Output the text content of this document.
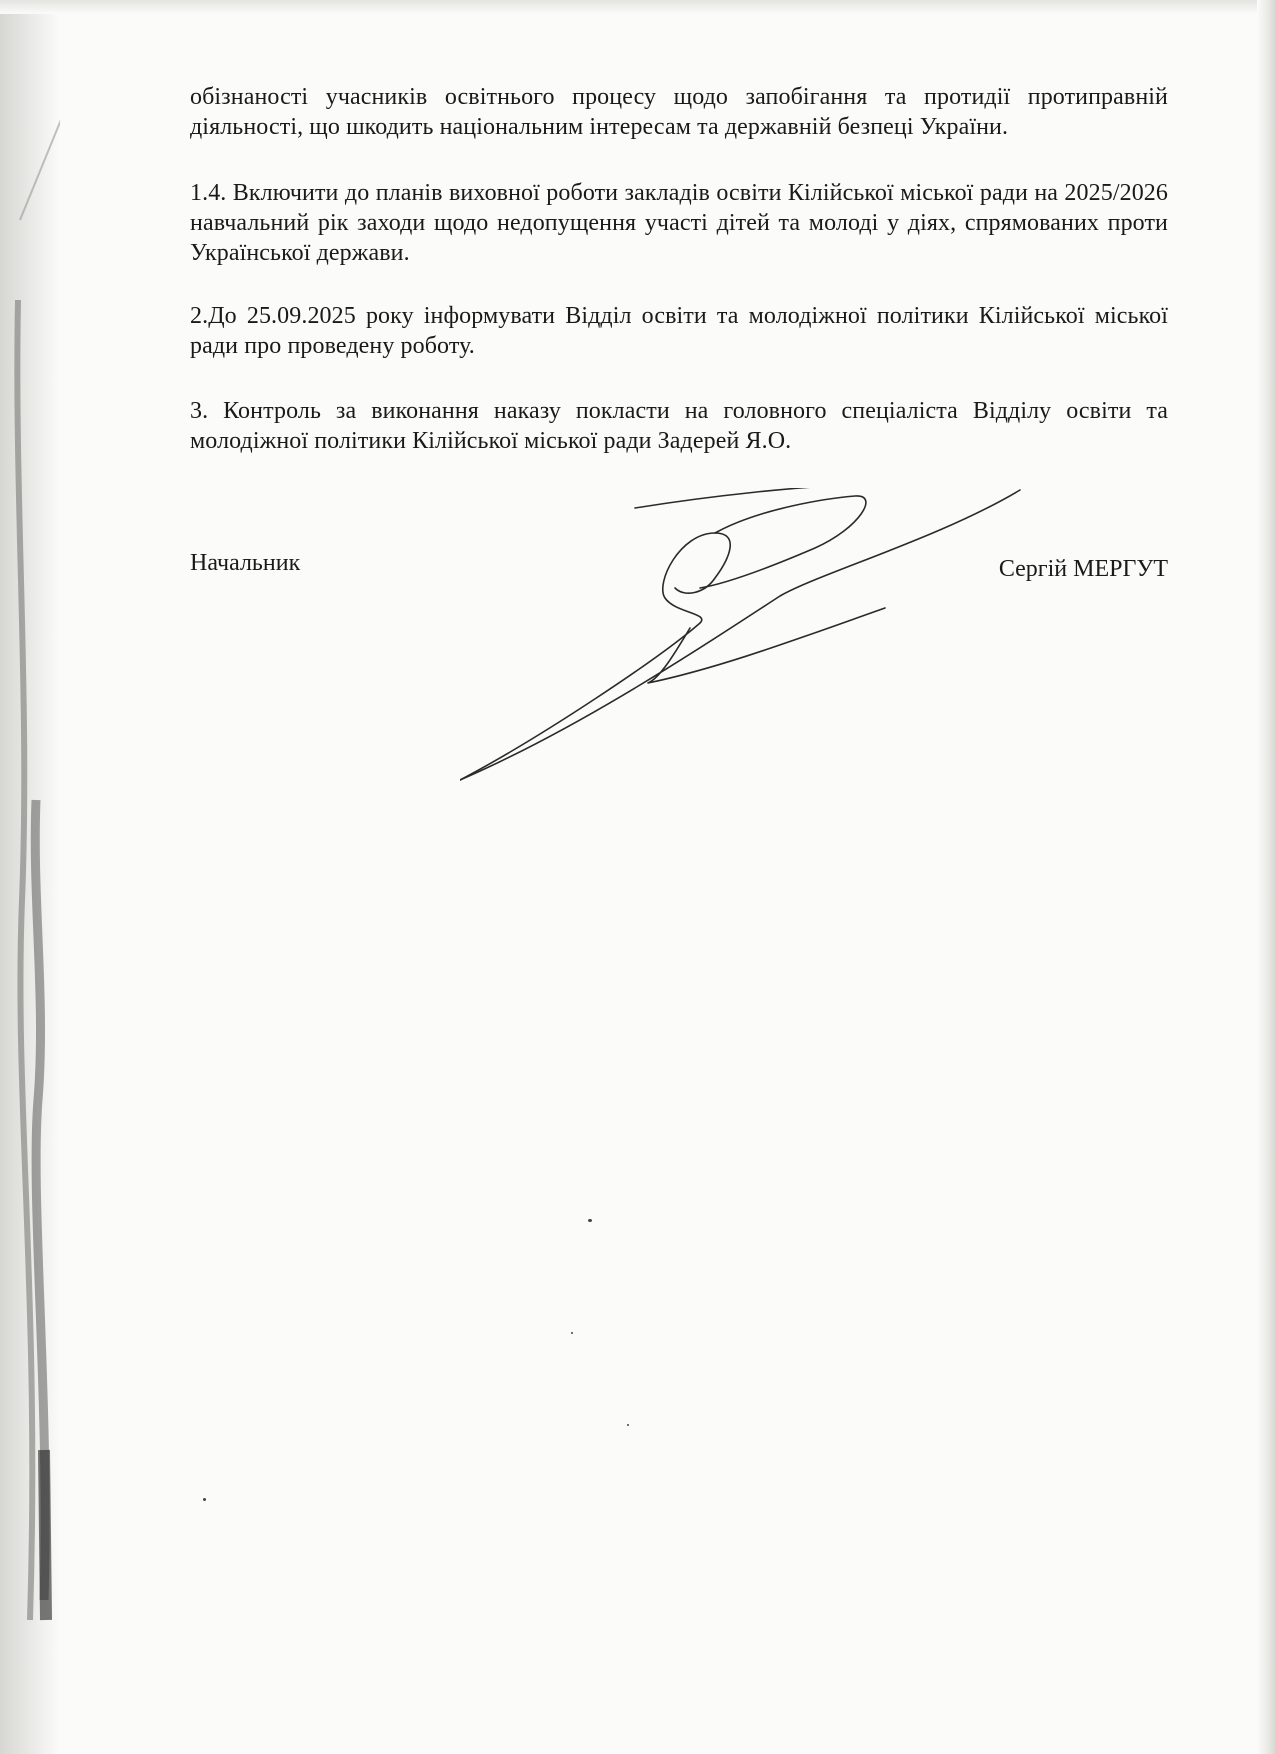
обізнаності учасників освітнього процесу щодо запобігання та протидії протиправній діяльності, що шкодить національним інтересам та державній безпеці України.

1.4. Включити до планів виховної роботи закладів освіти Кілійської міської ради на 2025/2026 навчальний рік заходи щодо недопущення участі дітей та молоді у діях, спрямованих проти Української держави.

2.До 25.09.2025 року інформувати Відділ освіти та молодіжної політики Кілійської міської ради про проведену роботу.

3. Контроль за виконання наказу покласти на головного спеціаліста Відділу освіти та молодіжної політики Кілійської міської ради Задерей Я.О.

Начальник	Сергій МЕРГУТ
